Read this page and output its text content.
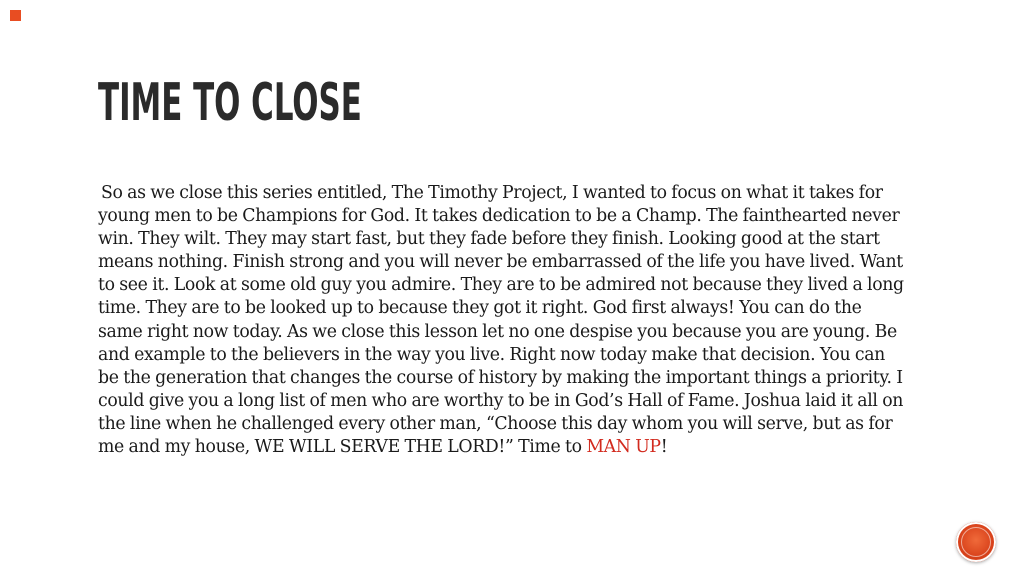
TIME TO CLOSE

So as we close this series entitled, The Timothy Project, I wanted to focus on what it takes for young men to be Champions for God. It takes dedication to be a Champ. The fainthearted never win. They wilt. They may start fast, but they fade before they finish. Looking good at the start means nothing. Finish strong and you will never be embarrassed of the life you have lived. Want to see it. Look at some old guy you admire. They are to be admired not because they lived a long time. They are to be looked up to because they got it right. God first always! You can do the same right now today. As we close this lesson let no one despise you because you are young. Be and example to the believers in the way you live. Right now today make that decision. You can be the generation that changes the course of history by making the important things a priority. I could give you a long list of men who are worthy to be in God’s Hall of Fame. Joshua laid it all on the line when he challenged every other man, “Choose this day whom you will serve, but as for me and my house, WE WILL SERVE THE LORD!” Time to MAN UP!
